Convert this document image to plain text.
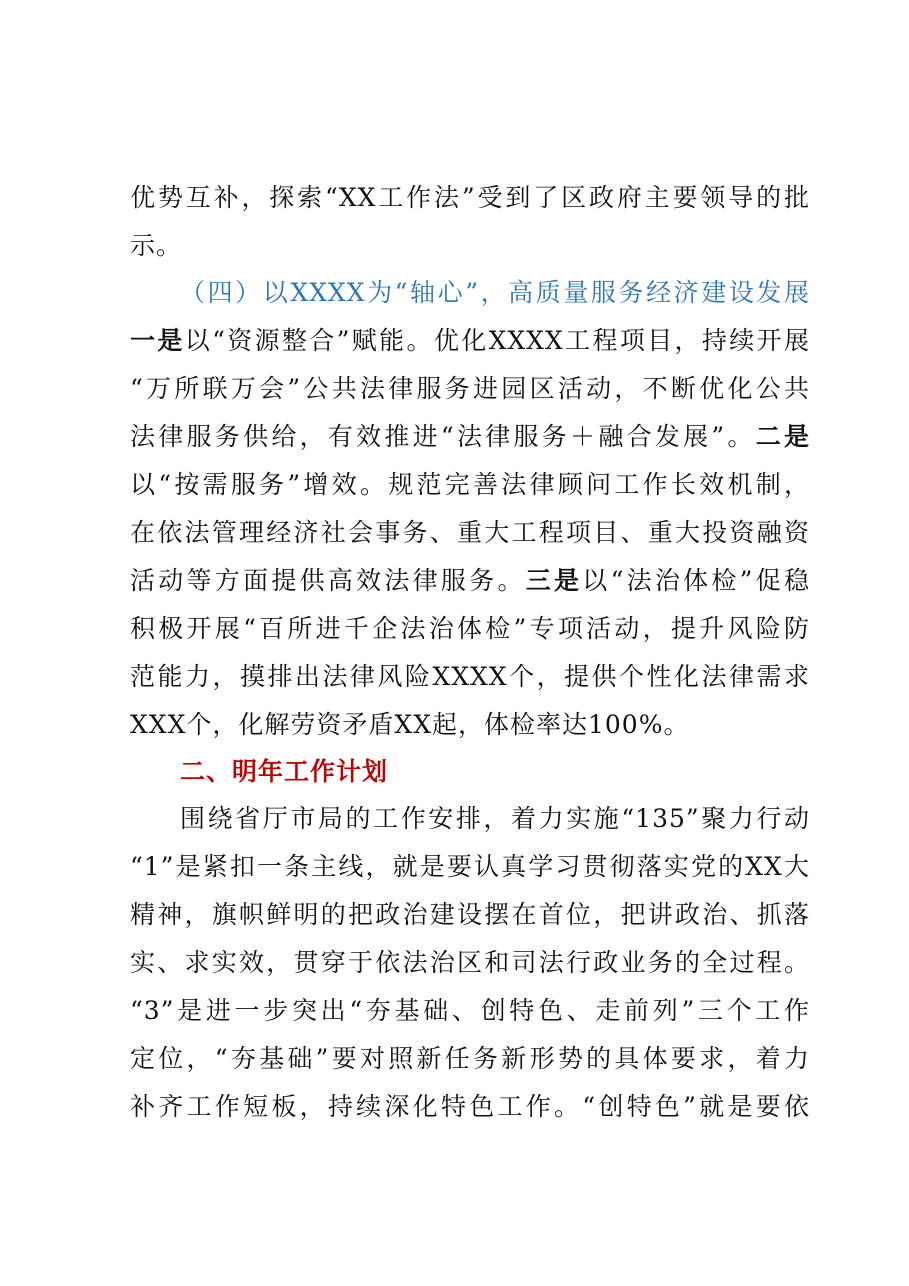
优势互补，探索“XX工作法”受到了区政府主要领导的批
示。
（四）以XXXX为“轴心”，高质量服务经济建设发展
一是以“资源整合”赋能。优化XXXX工程项目，持续开展
“万所联万会”公共法律服务进园区活动，不断优化公共
法律服务供给，有效推进“法律服务＋融合发展”。二是
以“按需服务”增效。规范完善法律顾问工作长效机制，
在依法管理经济社会事务、重大工程项目、重大投资融资
活动等方面提供高效法律服务。三是以“法治体检”促稳
积极开展“百所进千企法治体检”专项活动，提升风险防
范能力，摸排出法律风险XXXX个，提供个性化法律需求
XXX个，化解劳资矛盾XX起，体检率达100%。
二、明年工作计划
围绕省厅市局的工作安排，着力实施“135”聚力行动
“1”是紧扣一条主线，就是要认真学习贯彻落实党的XX大
精神，旗帜鲜明的把政治建设摆在首位，把讲政治、抓落
实、求实效，贯穿于依法治区和司法行政业务的全过程。
“3”是进一步突出“夯基础、创特色、走前列”三个工作
定位，“夯基础”要对照新任务新形势的具体要求，着力
补齐工作短板，持续深化特色工作。“创特色”就是要依
